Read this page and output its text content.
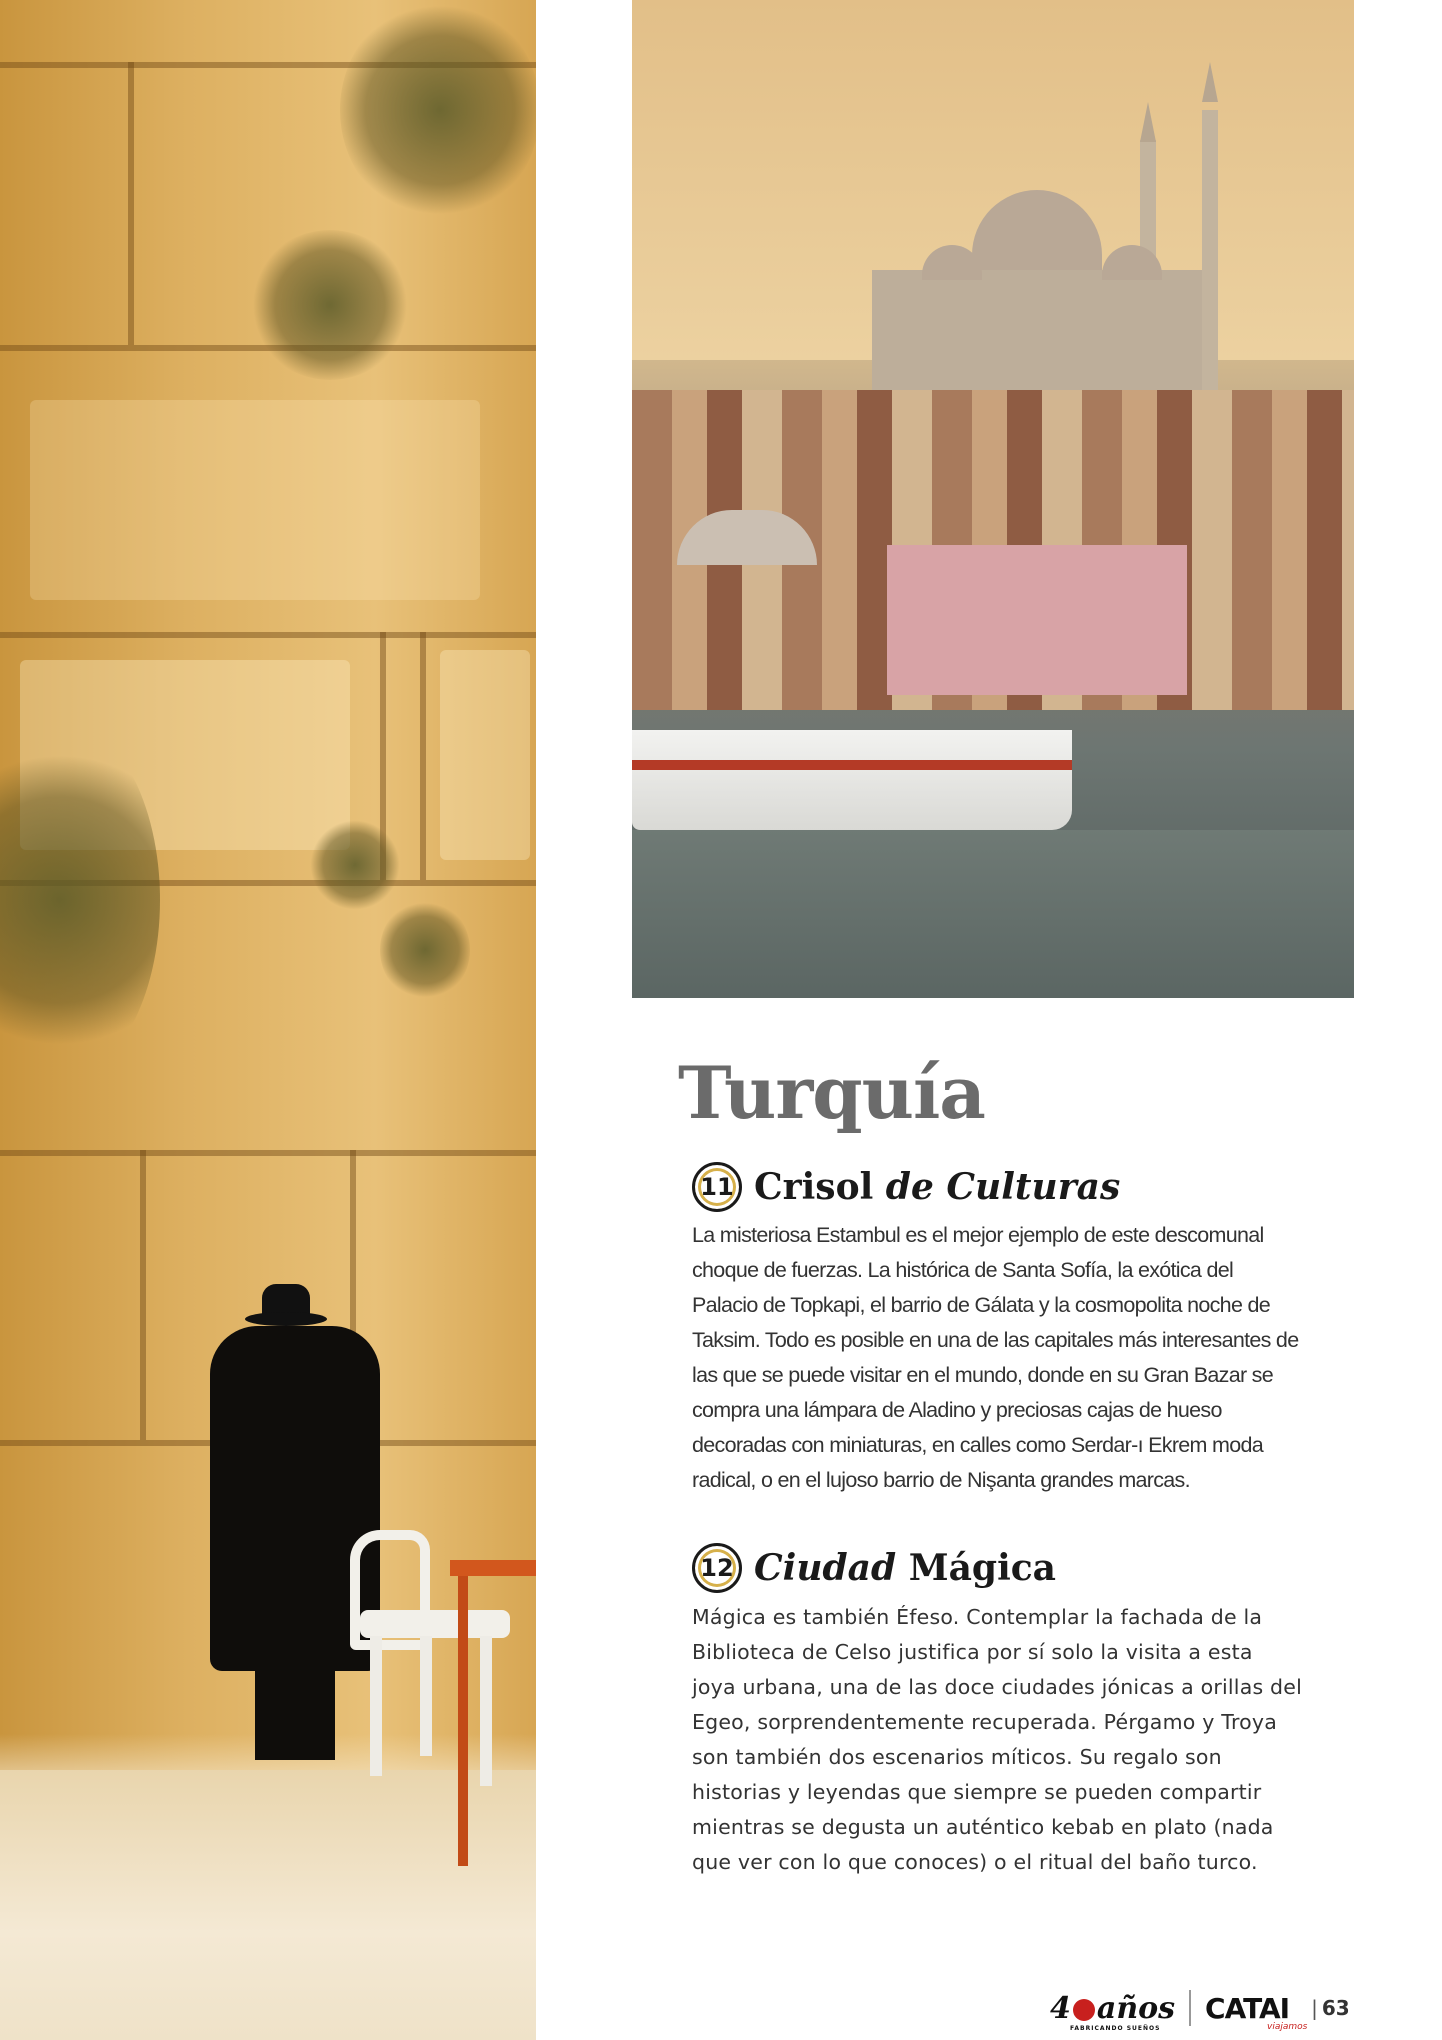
Turquía
11 Crisol de Culturas

La misteriosa Estambul es el mejor ejemplo de este descomunal choque de fuerzas. La histórica de Santa Sofía, la exótica del Palacio de Topkapi, el barrio de Gálata y la cosmopolita noche de Taksim. Todo es posible en una de las capitales más interesantes de las que se puede visitar en el mundo, donde en su Gran Bazar se compra una lámpara de Aladino y preciosas cajas de hueso decoradas con miniaturas, en calles como Serdar-ı Ekrem moda radical, o en el lujoso barrio de Nişanta grandes marcas.

12 Ciudad Mágica

Mágica es también Éfeso. Contemplar la fachada de la Biblioteca de Celso justifica por sí solo la visita a esta joya urbana, una de las doce ciudades jónicas a orillas del Egeo, sorprendentemente recuperada. Pérgamo y Troya son también dos escenarios míticos. Su regalo son historias y leyendas que siempre se pueden compartir mientras se degusta un auténtico kebab en plato (nada que ver con lo que conoces) o el ritual del baño turco.

4 años
FABRICANDO SUEÑOS
CATAI
viajamos
| 63
